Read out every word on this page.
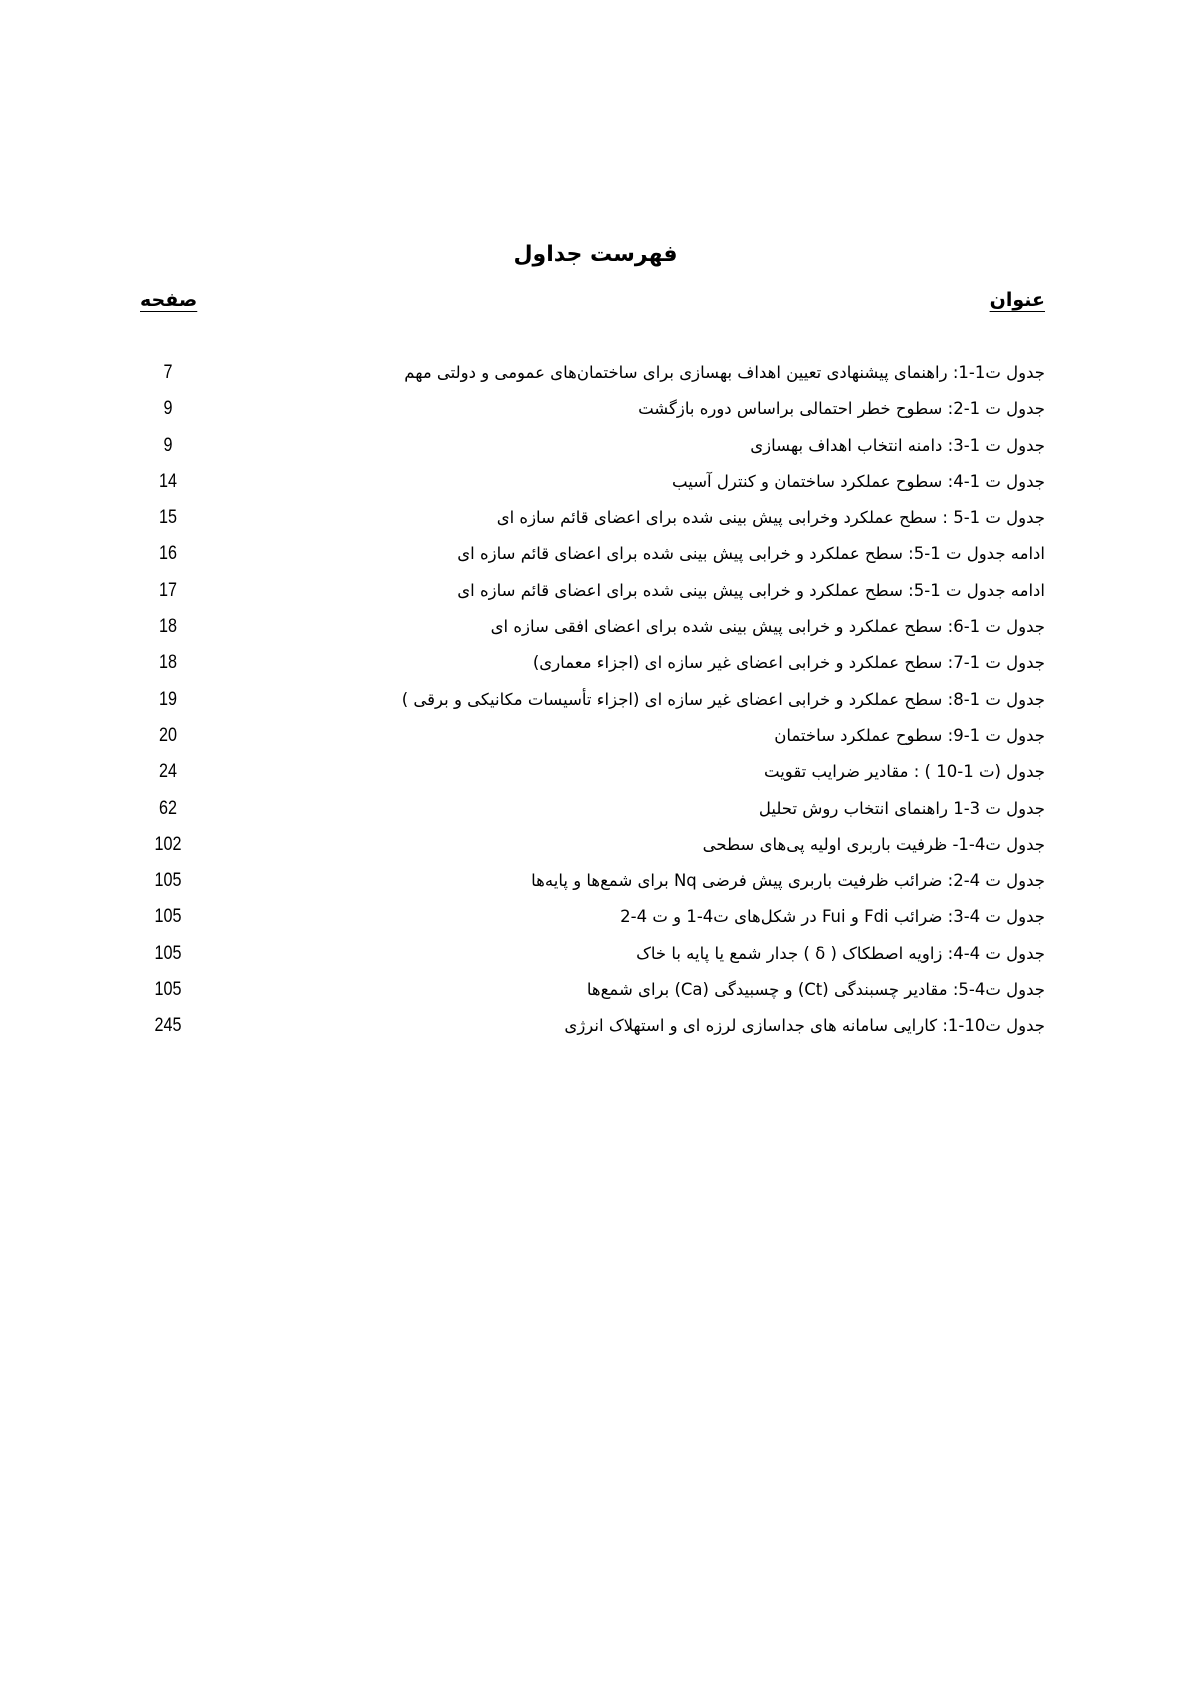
فهرست جداول
عنوان
صفحه
جدول ت1-1: راهنمای پیشنهادی تعیین اهداف بهسازی برای ساختمان‌های عمومی و دولتی مهم
7
جدول ت 1-2: سطوح خطر احتمالی براساس دوره بازگشت
9
جدول ت 1-3: دامنه انتخاب اهداف بهسازی
9
جدول ت 1-4: سطوح عملکرد ساختمان و کنترل آسیب
14
جدول ت 1-5 : سطح عملکرد وخرابی پیش بینی شده برای اعضای قائم سازه ای
15
ادامه جدول ت 1-5: سطح عملکرد و خرابی پیش بینی شده برای اعضای قائم سازه ای
16
ادامه جدول ت 1-5: سطح عملکرد و خرابی پیش بینی شده برای اعضای قائم سازه ای
17
جدول ت 1-6: سطح عملکرد و خرابی پیش بینی شده برای اعضای افقی سازه ای
18
جدول ت 1-7: سطح عملکرد و خرابی اعضای غیر سازه ای (اجزاء معماری)
18
جدول ت 1-8: سطح عملکرد و خرابی اعضای غیر سازه ای (اجزاء تأسیسات مکانیکی و برقی )
19
جدول ت 1-9: سطوح عملکرد ساختمان
20
جدول (ت 1-10 ) : مقادیر ضرایب تقویت
24
جدول ت 3-1 راهنمای انتخاب روش تحلیل
62
جدول ت4-1- ظرفیت باربری اولیه پی‌های سطحی
102
جدول ت 4-2: ضرائب ظرفیت باربری پیش فرضی Nq برای شمع‌ها و پایه‌ها
105
جدول ت 4-3: ضرائب Fdi و Fui در شکل‌های ت4-1 و ت 4-2
105
جدول ت 4-4: زاویه اصطکاک ( δ ) جدار شمع یا پایه با خاک
105
جدول ت4-5: مقادیر چسبندگی (Ct) و چسبیدگی (Ca) برای شمع‌ها
105
جدول ت10-1: کارایی سامانه های جداسازی لرزه ای و استهلاک انرژی
245
